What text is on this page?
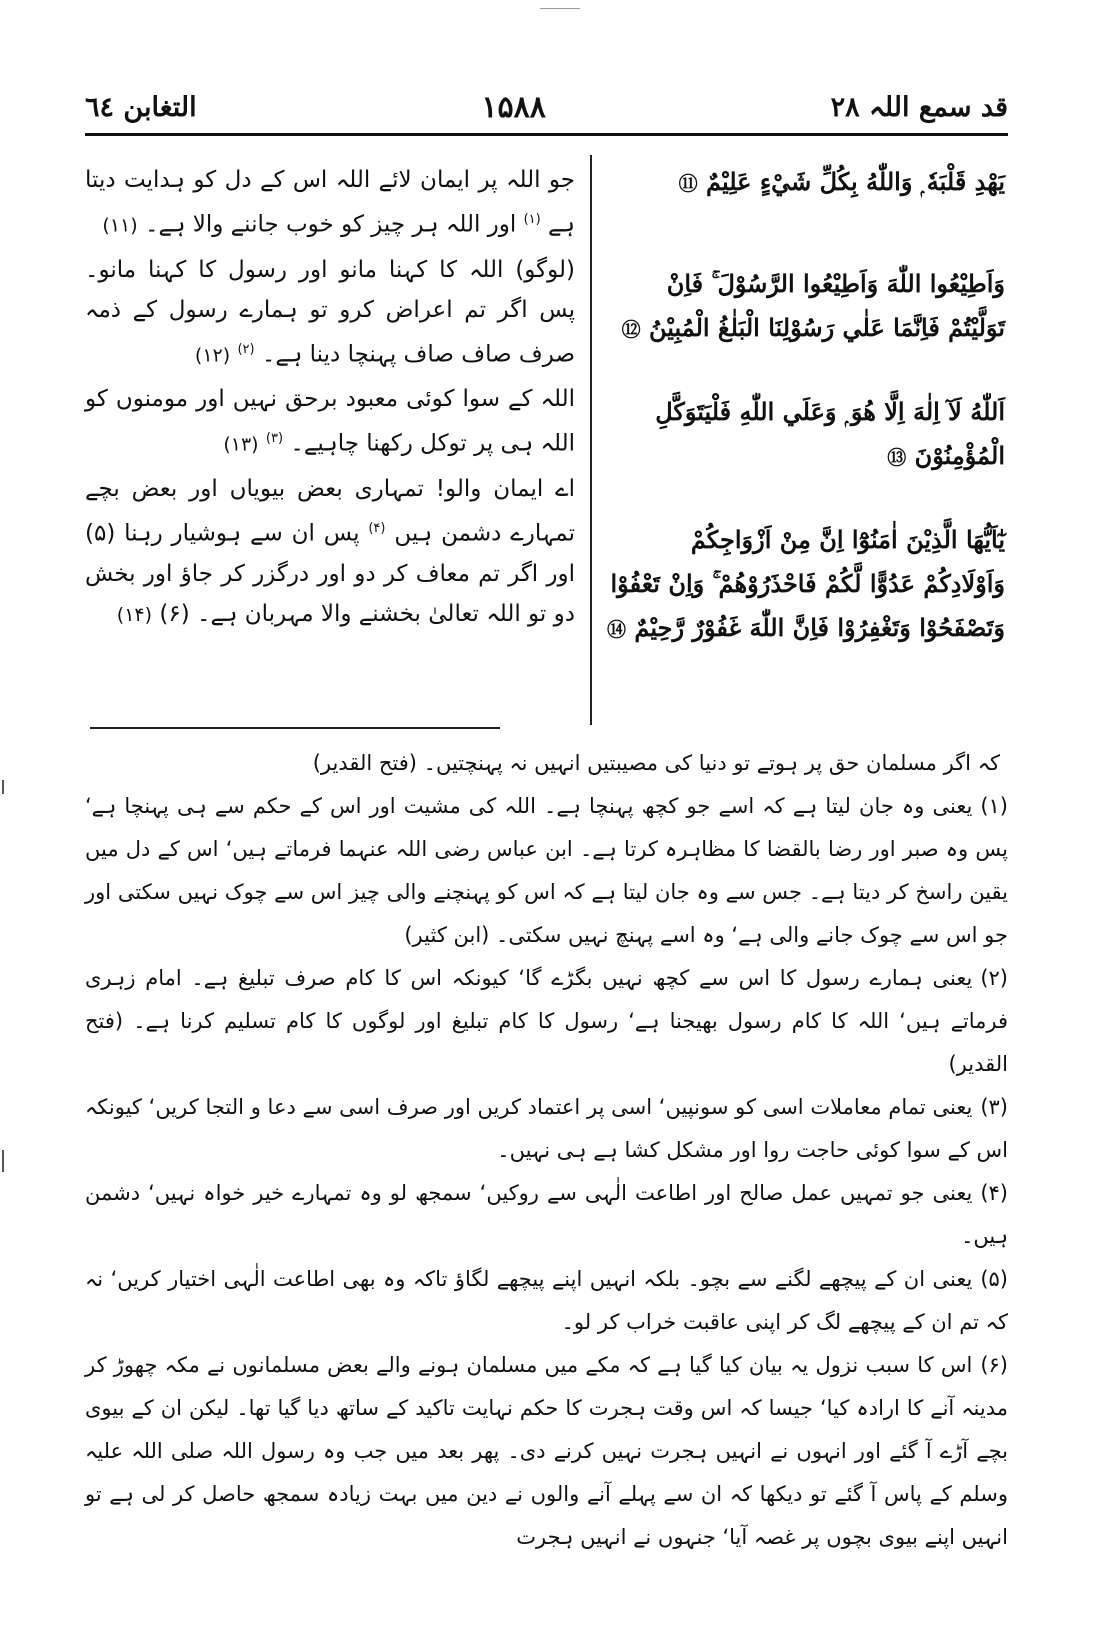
قد سمع اللہ ۲۸
۱۵۸۸
التغابن ٦٤
يَهْدِ قَلْبَهٗ ۭ وَاللّٰهُ بِكُلِّ شَيْءٍ عَلِيْمٌ ⑪
وَاَطِيْعُوا اللّٰهَ وَاَطِيْعُوا الرَّسُوْلَ ۚ فَاِنْ تَوَلَّيْتُمْ فَاِنَّمَا عَلٰي رَسُوْلِنَا الْبَلٰغُ الْمُبِيْنُ ⑫
اَللّٰهُ لَآ اِلٰهَ اِلَّا هُوَ ۭ وَعَلَي اللّٰهِ فَلْيَتَوَكَّلِ الْمُؤْمِنُوْنَ ⑬
يٰٓاَيُّهَا الَّذِيْنَ اٰمَنُوْٓا اِنَّ مِنْ اَزْوَاجِكُمْ وَاَوْلَادِكُمْ عَدُوًّا لَّكُمْ فَاحْذَرُوْهُمْ ۚ وَاِنْ تَعْفُوْا وَتَصْفَحُوْا وَتَغْفِرُوْا فَاِنَّ اللّٰهَ غَفُوْرٌ رَّحِيْمٌ ⑭
جو اللہ پر ایمان لائے اللہ اس کے دل کو ہدایت دیتا ہے $^{(۱)}$ اور اللہ ہر چیز کو خوب جاننے والا ہے۔ (۱۱)
(لوگو) اللہ کا کہنا مانو اور رسول کا کہنا مانو۔ پس اگر تم اعراض کرو تو ہمارے رسول کے ذمہ صرف صاف صاف پہنچا دینا ہے۔ $^{(۲)}$ (۱۲)
اللہ کے سوا کوئی معبود برحق نہیں اور مومنوں کو اللہ ہی پر توکل رکھنا چاہیے۔ $^{(۳)}$ (۱۳)
اے ایمان والو! تمہاری بعض بیویاں اور بعض بچے تمہارے دشمن ہیں $^{(۴)}$ پس ان سے ہوشیار رہنا (۵) اور اگر تم معاف کر دو اور درگزر کر جاؤ اور بخش دو تو اللہ تعالیٰ بخشنے والا مہربان ہے۔ (۶) (۱۴)

کہ اگر مسلمان حق پر ہوتے تو دنیا کی مصیبتیں انہیں نہ پہنچتیں۔ (فتح القدیر)

(۱)یعنی وہ جان لیتا ہے کہ اسے جو کچھ پہنچا ہے۔ اللہ کی مشیت اور اس کے حکم سے ہی پہنچا ہے‘ پس وہ صبر اور رضا بالقضا کا مظاہرہ کرتا ہے۔ ابن عباس رضی اللہ عنہما فرماتے ہیں‘ اس کے دل میں یقین راسخ کر دیتا ہے۔ جس سے وہ جان لیتا ہے کہ اس کو پہنچنے والی چیز اس سے چوک نہیں سکتی اور جو اس سے چوک جانے والی ہے‘ وہ اسے پہنچ نہیں سکتی۔ (ابن کثیر)

(۲)یعنی ہمارے رسول کا اس سے کچھ نہیں بگڑے گا‘ کیونکہ اس کا کام صرف تبلیغ ہے۔ امام زہری فرماتے ہیں‘ اللہ کا کام رسول بھیجنا ہے‘ رسول کا کام تبلیغ اور لوگوں کا کام تسلیم کرنا ہے۔ (فتح القدیر)

(۳)یعنی تمام معاملات اسی کو سونپیں‘ اسی پر اعتماد کریں اور صرف اسی سے دعا و التجا کریں‘ کیونکہ اس کے سوا کوئی حاجت روا اور مشکل کشا ہے ہی نہیں۔

(۴)یعنی جو تمہیں عمل صالح اور اطاعت الٰہی سے روکیں‘ سمجھ لو وہ تمہارے خیر خواہ نہیں‘ دشمن ہیں۔

(۵)یعنی ان کے پیچھے لگنے سے بچو۔ بلکہ انہیں اپنے پیچھے لگاؤ تاکہ وہ بھی اطاعت الٰہی اختیار کریں‘ نہ کہ تم ان کے پیچھے لگ کر اپنی عاقبت خراب کر لو۔

(۶)اس کا سبب نزول یہ بیان کیا گیا ہے کہ مکے میں مسلمان ہونے والے بعض مسلمانوں نے مکہ چھوڑ کر مدینہ آنے کا ارادہ کیا‘ جیسا کہ اس وقت ہجرت کا حکم نہایت تاکید کے ساتھ دیا گیا تھا۔ لیکن ان کے بیوی بچے آڑے آ گئے اور انہوں نے انہیں ہجرت نہیں کرنے دی۔ پھر بعد میں جب وہ رسول اللہ صلی اللہ علیہ وسلم کے پاس آ گئے تو دیکھا کہ ان سے پہلے آنے والوں نے دین میں بہت زیادہ سمجھ حاصل کر لی ہے تو انہیں اپنے بیوی بچوں پر غصہ آیا‘ جنہوں نے انہیں ہجرت
